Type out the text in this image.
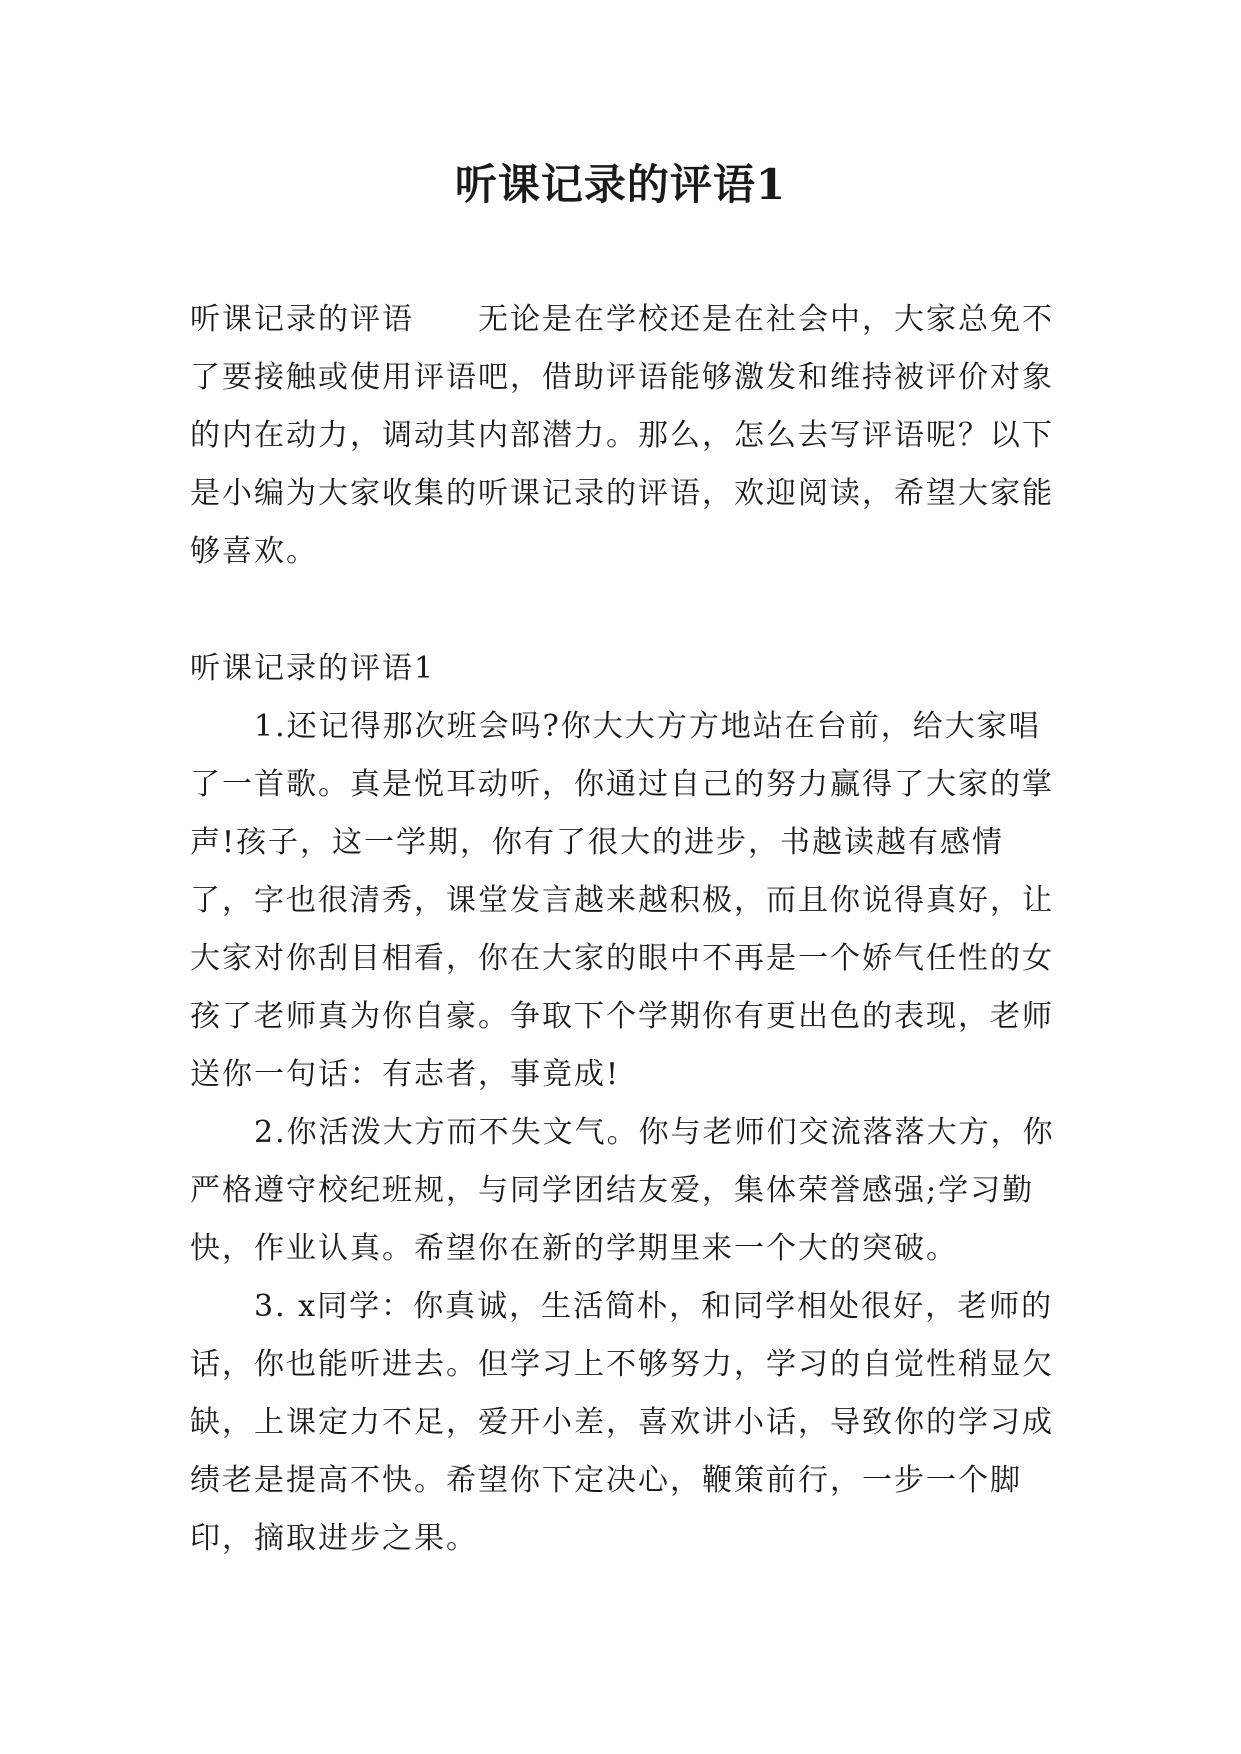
听课记录的评语1

听课记录的评语 无论是在学校还是在社会中，大家总免不了要接触或使用评语吧，借助评语能够激发和维持被评价对象的内在动力，调动其内部潜力。那么，怎么去写评语呢？以下是小编为大家收集的听课记录的评语，欢迎阅读，希望大家能够喜欢。

听课记录的评语1

1.还记得那次班会吗?你大大方方地站在台前，给大家唱了一首歌。真是悦耳动听，你通过自己的努力赢得了大家的掌声!孩子，这一学期，你有了很大的进步，书越读越有感情了，字也很清秀，课堂发言越来越积极，而且你说得真好，让大家对你刮目相看，你在大家的眼中不再是一个娇气任性的女孩了老师真为你自豪。争取下个学期你有更出色的表现，老师送你一句话：有志者，事竟成!

2.你活泼大方而不失文气。你与老师们交流落落大方，你严格遵守校纪班规，与同学团结友爱，集体荣誉感强;学习勤快，作业认真。希望你在新的学期里来一个大的突破。

3. x同学：你真诚，生活简朴，和同学相处很好，老师的话，你也能听进去。但学习上不够努力，学习的自觉性稍显欠缺，上课定力不足，爱开小差，喜欢讲小话，导致你的学习成绩老是提高不快。希望你下定决心，鞭策前行，一步一个脚印，摘取进步之果。
